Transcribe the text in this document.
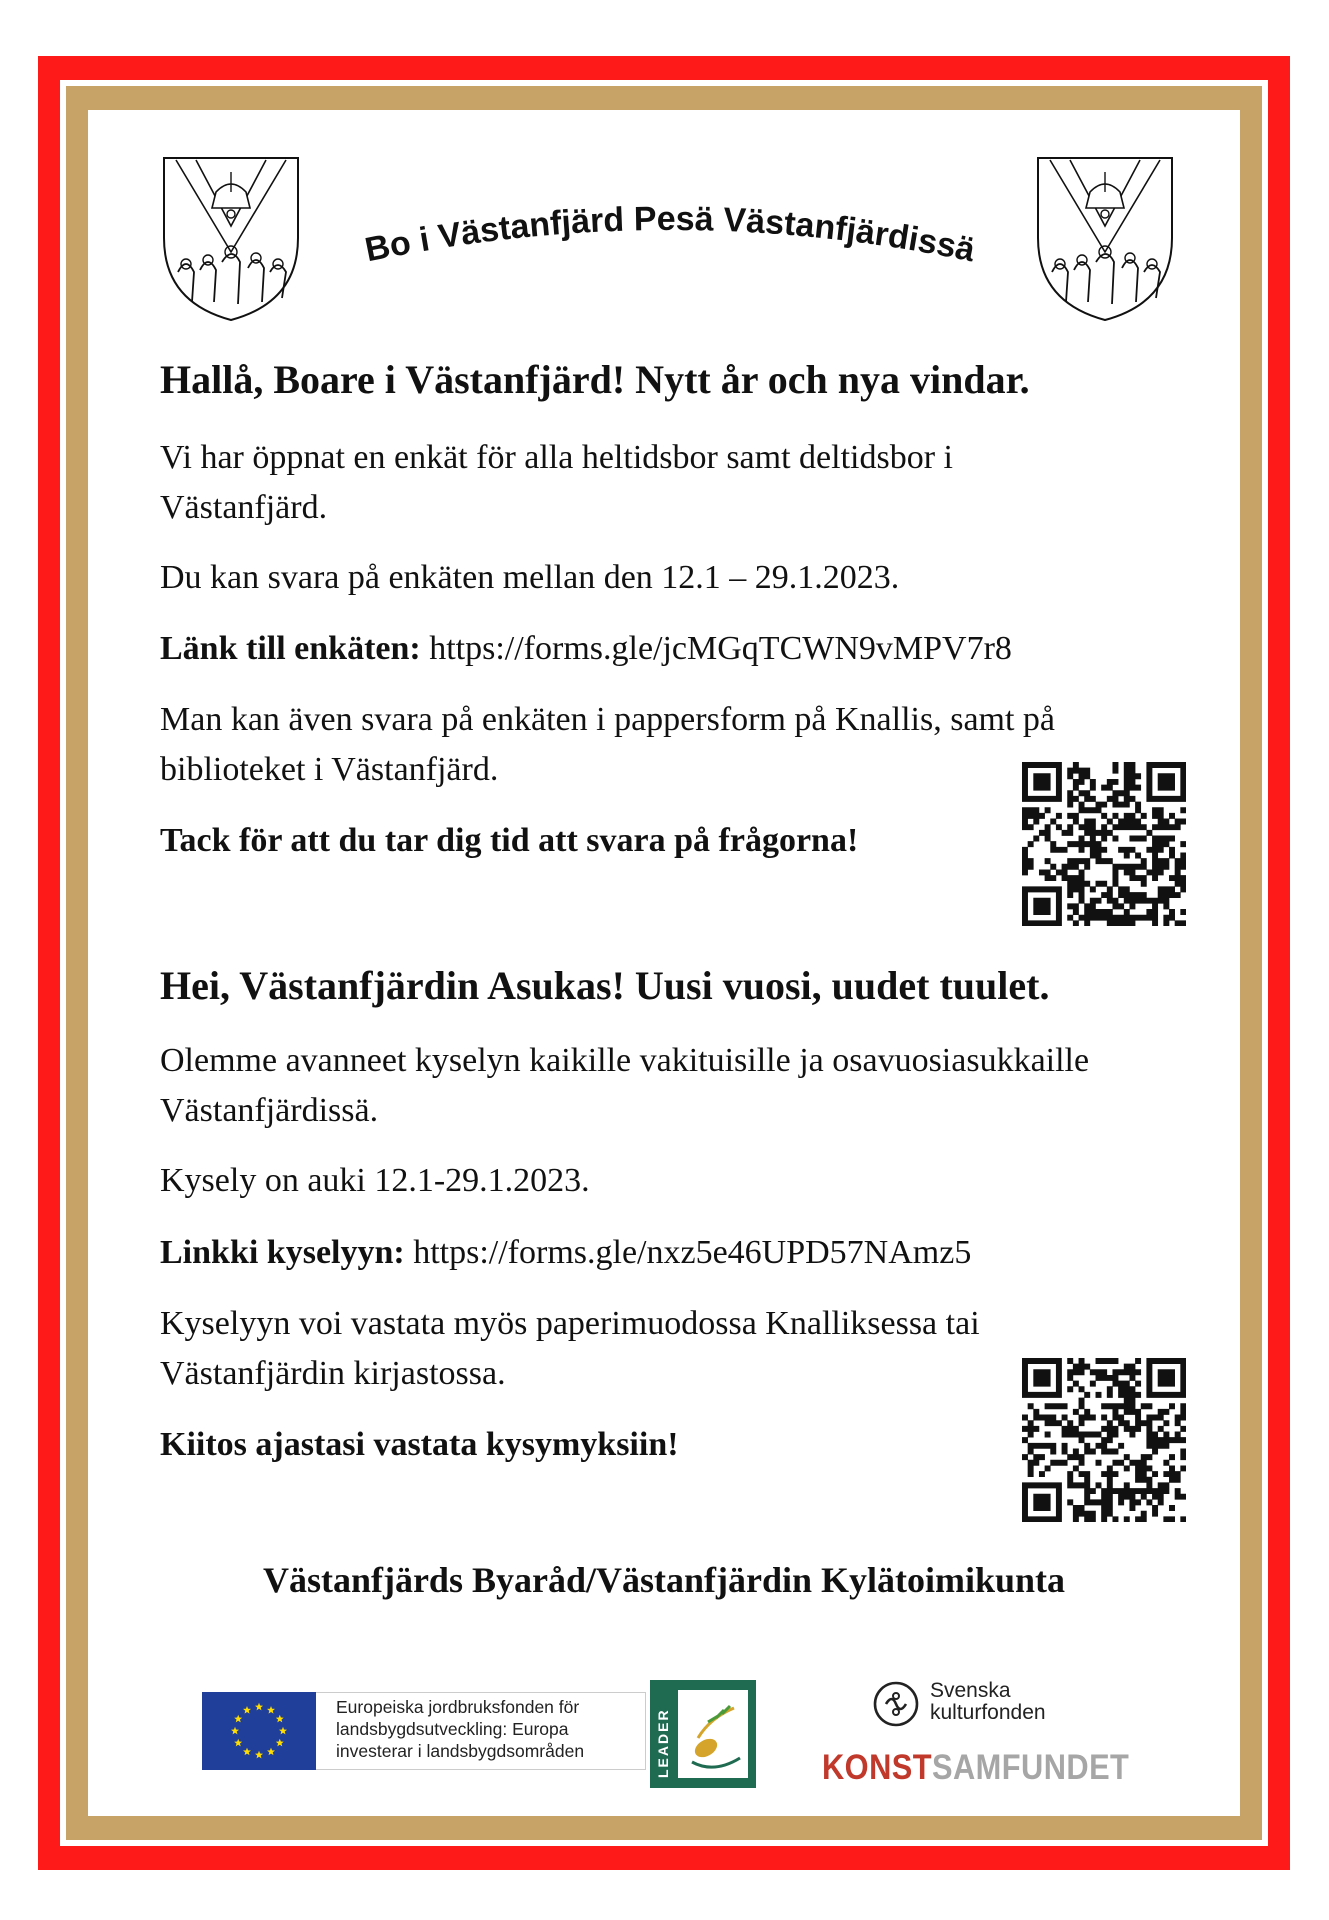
Bo i Västanfjärd Pesä Västanfjärdissä

Hallå, Boare i Västanfjärd! Nytt år och nya vindar.

Vi har öppnat en enkät för alla heltidsbor samt deltidsbor i Västanfjärd.

Du kan svara på enkäten mellan den 12.1 – 29.1.2023.

Länk till enkäten: https://forms.gle/jcMGqTCWN9vMPV7r8

Man kan även svara på enkäten i pappersform på Knallis, samt på biblioteket i Västanfjärd.

Tack för att du tar dig tid att svara på frågorna!

Hei, Västanfjärdin Asukas! Uusi vuosi, uudet tuulet.

Olemme avanneet kyselyn kaikille vakituisille ja osavuosiasukkaille Västanfjärdissä.

Kysely on auki 12.1-29.1.2023.

Linkki kyselyyn: https://forms.gle/nxz5e46UPD57NAmz5

Kyselyyn voi vastata myös paperimuodossa Knalliksessa tai Västanfjärdin kirjastossa.

Kiitos ajastasi vastata kysymyksiin!

Västanfjärds Byaråd/Västanfjärdin Kylätoimikunta
Europeiska jordbruksfonden för landsbygdsutveckling: Europa investerar i landsbygdsområden	LEADER
Svenska
kulturfonden
KONSTSAMFUNDET
